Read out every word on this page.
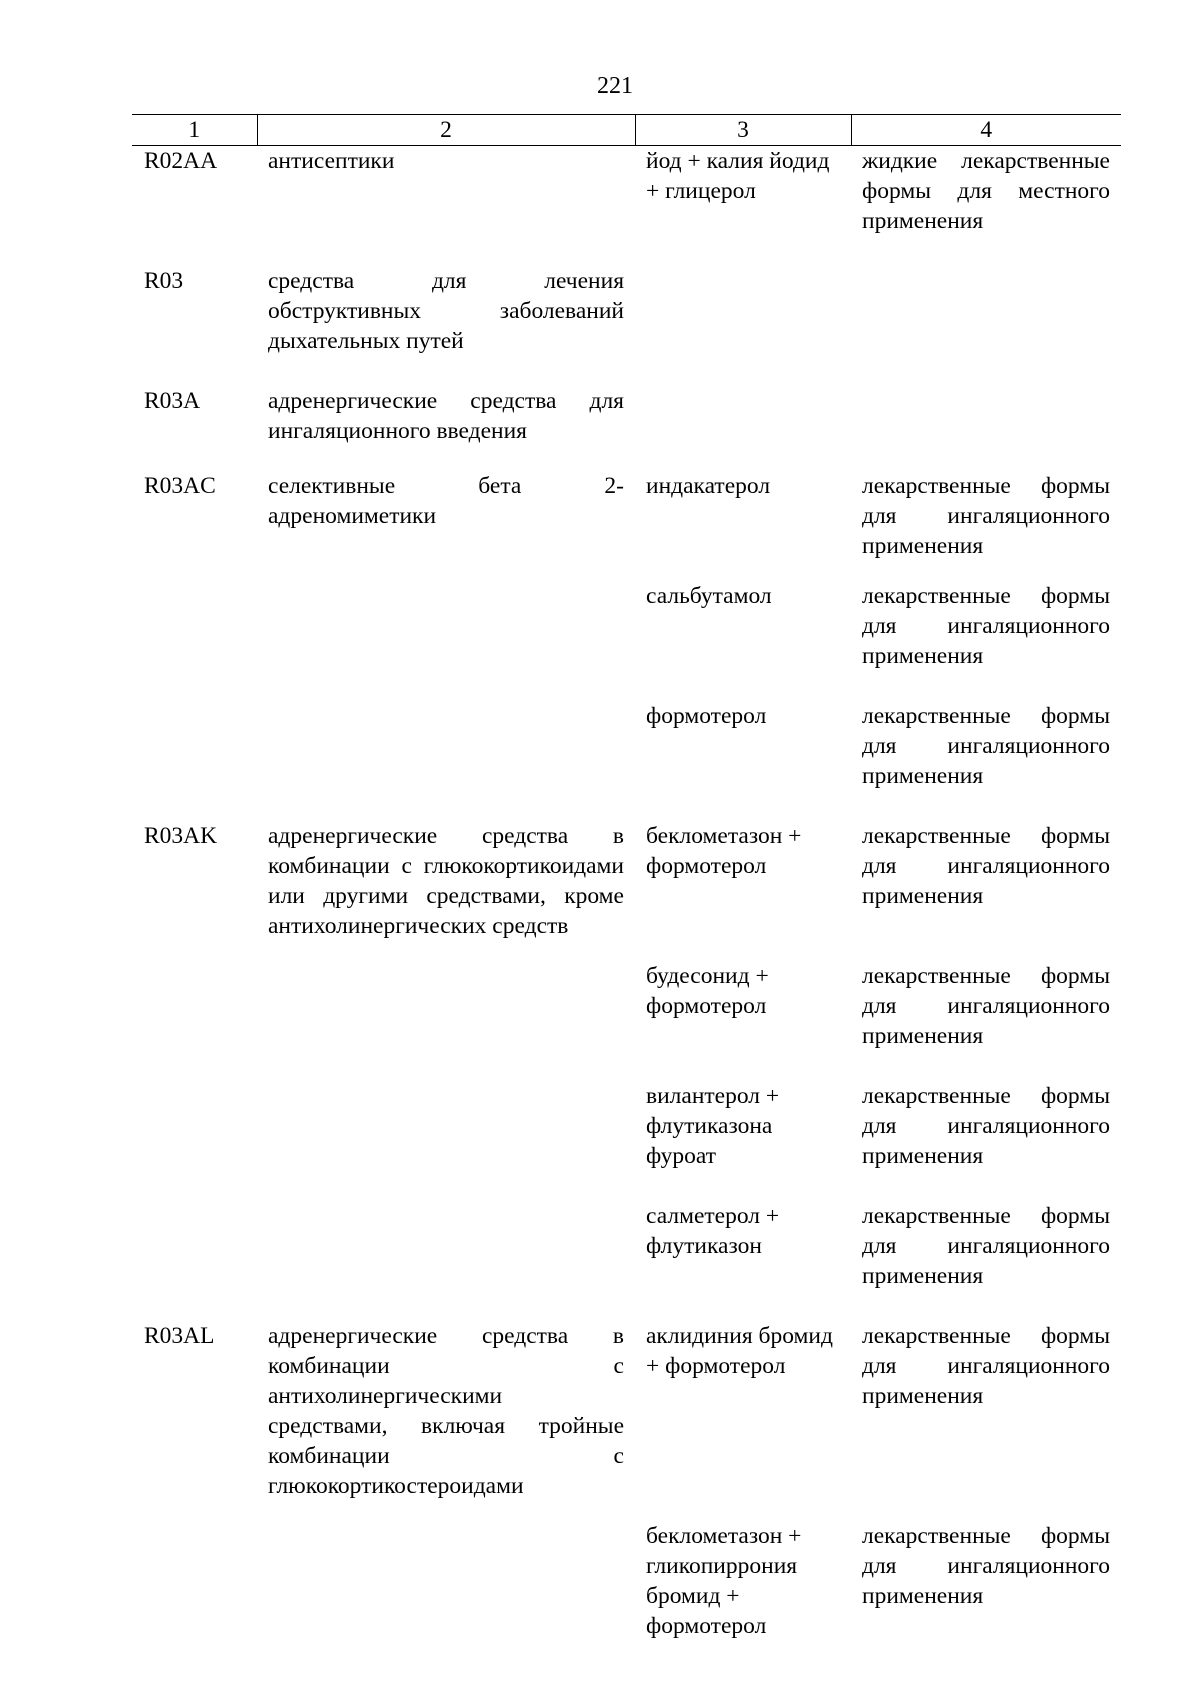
221
1	2	3	4
R02AA	антисептики	йод + калия йодид + глицерол	жидкие лекарственные формы для местного применения
R03	средства для лечения обструктивных заболеваний дыхательных путей		
R03A	адренергические средства для ингаляционного введения		
R03AC	селективные бета 2-адреномиметики	индакатерол	лекарственные формы для ингаляционного применения
		сальбутамол	лекарственные формы для ингаляционного применения
		формотерол	лекарственные формы для ингаляционного применения
R03AK	адренергические средства в комбинации с глюкокортикоидами или другими средствами, кроме антихолинергических средств	беклометазон + формотерол	лекарственные формы для ингаляционного применения
		будесонид + формотерол	лекарственные формы для ингаляционного применения
		вилантерол + флутиказона фуроат	лекарственные формы для ингаляционного применения
		салметерол + флутиказон	лекарственные формы для ингаляционного применения
R03AL	адренергические средства в комбинации с антихолинергическими средствами, включая тройные комбинации с глюкокортикостероидами	аклидиния бромид + формотерол	лекарственные формы для ингаляционного применения
		беклометазон + гликопиррония бромид + формотерол	лекарственные формы для ингаляционного применения
